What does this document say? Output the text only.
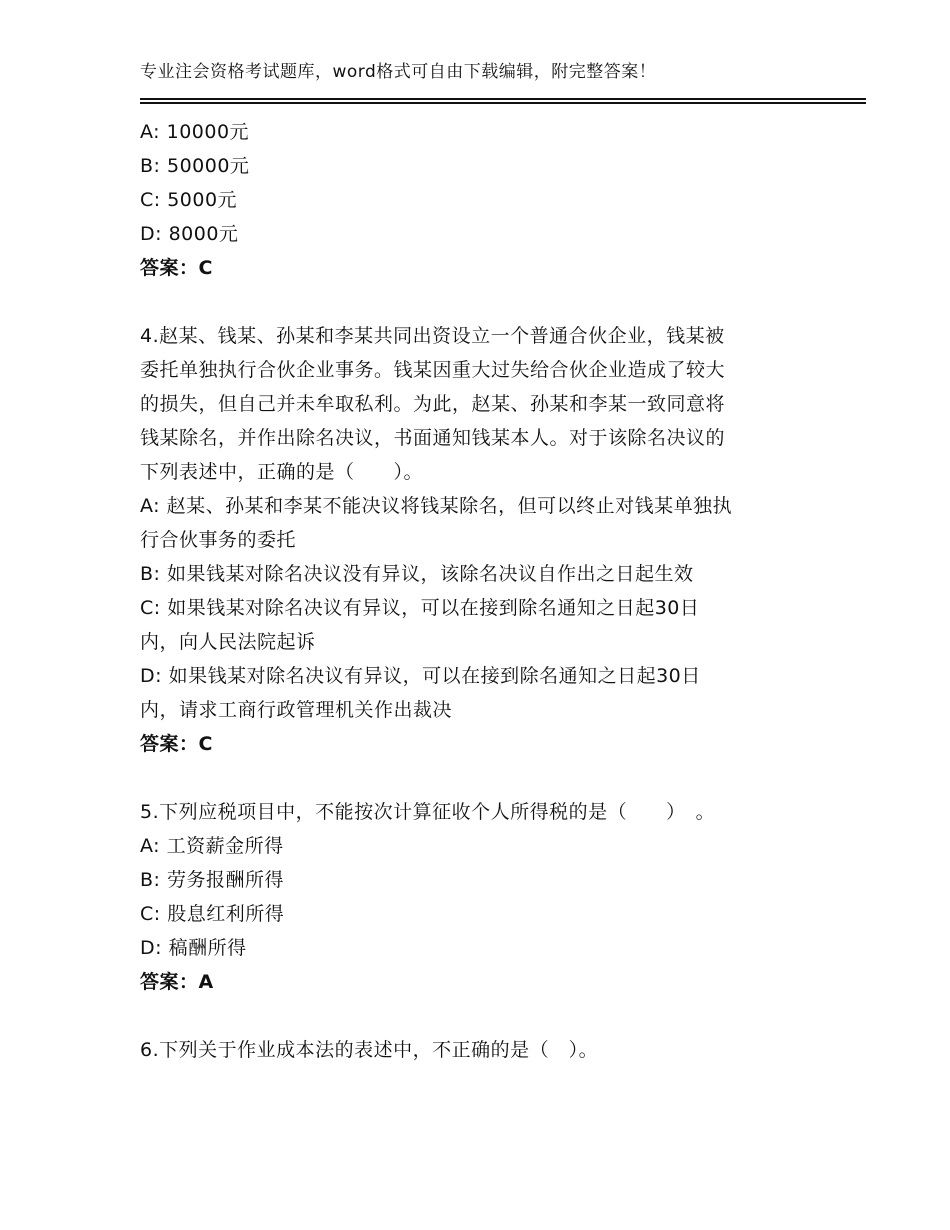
专业注会资格考试题库，word格式可自由下载编辑，附完整答案！
A: 10000元
B: 50000元
C: 5000元
D: 8000元
答案：C
4.赵某、钱某、孙某和李某共同出资设立一个普通合伙企业，钱某被
委托单独执行合伙企业事务。钱某因重大过失给合伙企业造成了较大
的损失，但自己并未牟取私利。为此，赵某、孙某和李某一致同意将
钱某除名，并作出除名决议，书面通知钱某本人。对于该除名决议的
下列表述中，正确的是（　　）。
A: 赵某、孙某和李某不能决议将钱某除名，但可以终止对钱某单独执
行合伙事务的委托
B: 如果钱某对除名决议没有异议，该除名决议自作出之日起生效
C: 如果钱某对除名决议有异议，可以在接到除名通知之日起30日
内，向人民法院起诉
D: 如果钱某对除名决议有异议，可以在接到除名通知之日起30日
内，请求工商行政管理机关作出裁决
答案：C
5.下列应税项目中，不能按次计算征收个人所得税的是（　　）　。
A: 工资薪金所得
B: 劳务报酬所得
C: 股息红利所得
D: 稿酬所得
答案：A
6.下列关于作业成本法的表述中，不正确的是（　）。
